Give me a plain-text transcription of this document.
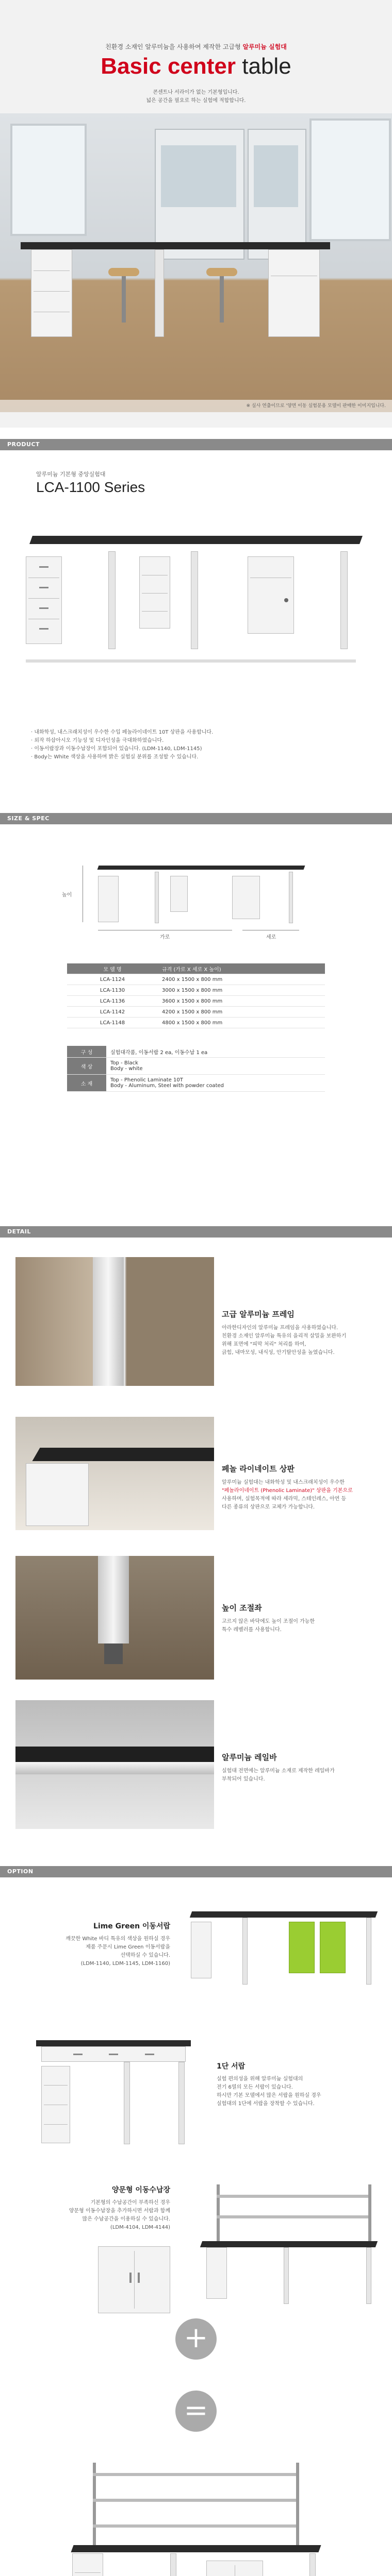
친환경 소재인 알루미늄을 사용하여 제작한 고급형 알루미늄 실험대
Basic center table
콘센트나 서라이가 없는 기본형입니다.
넓은 공간을 필요로 하는 실험에 적합합니다.
※ 실사 연출이므로 '양면 이동 실험분용 모델이 판매한 이미지입니다.
PRODUCT
알루미늄 기본형 중앙실험대
LCA-1100 Series
· 내화학성, 내스크래치성이 우수한 수입 페놀라이네이트 10T 상판을 사용합니다.
· 외작 하삽아시오 기능성 및 디자인성을 극대화하였습니다.
· 이동서랍장과 이동수납장이 포함되어 있습니다. (LDM-1140, LDM-1145)
· Body는 White 색상을 사용하며 밝은 실험실 분위를 조성할 수 있습니다.
SIZE & SPEC
높이
가로	세로
모 델 명	규격 (가로 X 세로 X 높이)
LCA-1124	2400 x 1500 x 800 mm
LCA-1130	3000 x 1500 x 800 mm
LCA-1136	3600 x 1500 x 800 mm
LCA-1142	4200 x 1500 x 800 mm
LCA-1148	4800 x 1500 x 800 mm
구 성	실험대각품, 이동서랍 2 ea, 이동수납 1 ea
색 상	Top - Black
Body - white

소 재	Top - Phenolic Laminate 10T
Body - Aluminum, Steel with powder coated
DETAIL
고급 알루미늄 프레임
아라한디자인의 알루미늄 프레임을 사용하였습니다.
친환경 소재인 알루미늄 특유의 을리적 살밀을 보완하기
위해 표면에 "피막 처리" 처리를 하여,
긁힘, 내마모성, 내식성, 안기탈안성을 높였습니다.
페놀 라이네이트 상판
알루미늄 실험대는 내화학성 및 내스크래치성이 우수한
"페놀라이네이트 (Phenolic Laminate)" 상판을 기본으로
사용하며, 실험목적에 따라 세라믹, 스테인레스, 아연 등
다른 종류의 상판으로 교체가 가능합니다.
높이 조절좌
고르지 않은 바닥에도 높이 조절이 가능한
특수 레벨러를 사용합니다.
알루미늄 레일바
실험대 전면에는 알루미늄 소재로 제작한 레일바가
부착되어 있습니다.
OPTION
Lime Green 이동서랍
깨끗한 White 바디 특유의 색상을 원하실 경우
제품 주문시 Lime Green 이동서랍을
선택하실 수 있습니다.
(LDM-1140, LDM-1145, LDM-1160)
1단 서랍
실험 편의성을 위해 알루미늄 실험대의
전기 6열의 모든 서랍이 있습니다.
하시만 기본 모델에서 많은 서랍을 원하실 경우
실험대의 1단에 서랍을 장착할 수 있습니다.
양문형 이동수납장
기본형의 수납공간이 부족하신 경우
양문형 이동수납장을 추가하시면 서랍과 함께
많은 수납공간을 이용하실 수 있습니다.
(LDM-4104, LDM-4144)
+
=
